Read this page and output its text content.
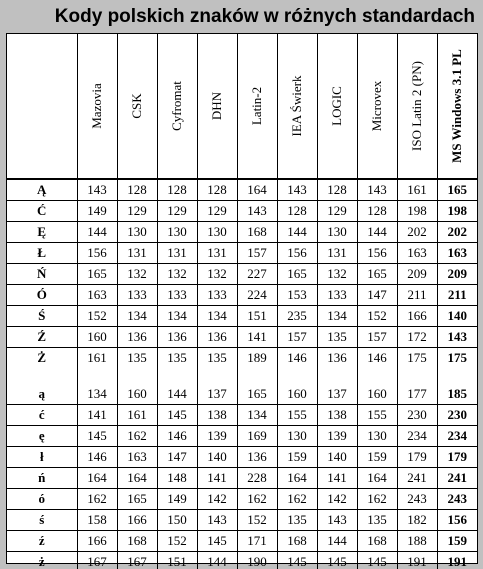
Kody polskich znaków w różnych standardach

	Mazovia	CSK	Cyfromat	DHN	Latin-2	IEA Świerk	LOGIC	Microvex	ISO Latin 2 (PN)	MS Windows 3.1 PL

Ą	143	128	128	128	164	143	128	143	161	165
Ć	149	129	129	129	143	128	129	128	198	198
Ę	144	130	130	130	168	144	130	144	202	202
Ł	156	131	131	131	157	156	131	156	163	163
Ń	165	132	132	132	227	165	132	165	209	209
Ó	163	133	133	133	224	153	133	147	211	211
Ś	152	134	134	134	151	235	134	152	166	140
Ź	160	136	136	136	141	157	135	157	172	143
Ż	161	135	135	135	189	146	136	146	175	175

ą	134	160	144	137	165	160	137	160	177	185
ć	141	161	145	138	134	155	138	155	230	230
ę	145	162	146	139	169	130	139	130	234	234
ł	146	163	147	140	136	159	140	159	179	179
ń	164	164	148	141	228	164	141	164	241	241
ó	162	165	149	142	162	162	142	162	243	243
ś	158	166	150	143	152	135	143	135	182	156
ź	166	168	152	145	171	168	144	168	188	159
ż	167	167	151	144	190	145	145	145	191	191
